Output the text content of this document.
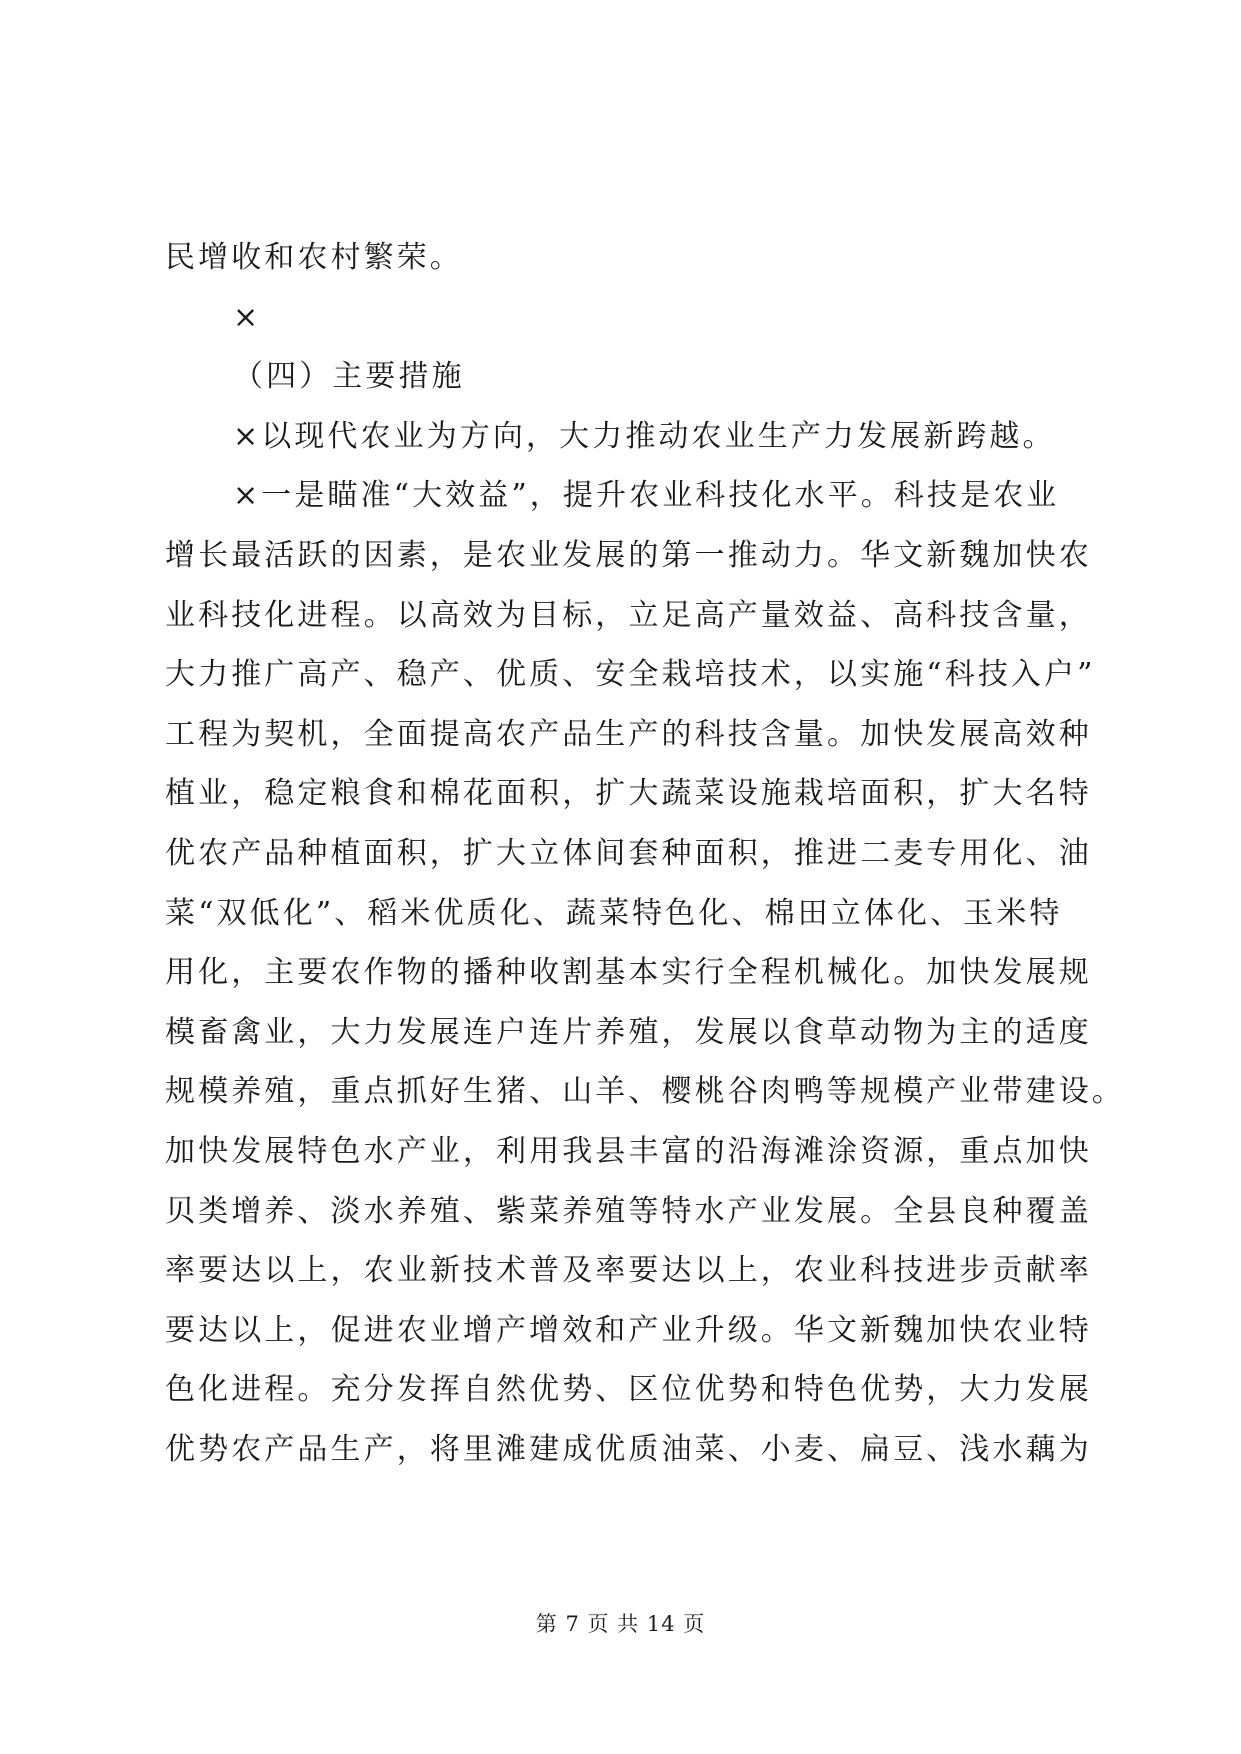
民增收和农村繁荣。
×
（四）主要措施
×以现代农业为方向，大力推动农业生产力发展新跨越。
×一是瞄准“大效益”，提升农业科技化水平。科技是农业
增长最活跃的因素，是农业发展的第一推动力。华文新魏加快农
业科技化进程。以高效为目标，立足高产量效益、高科技含量，
大力推广高产、稳产、优质、安全栽培技术，以实施“科技入户”
工程为契机，全面提高农产品生产的科技含量。加快发展高效种
植业，稳定粮食和棉花面积，扩大蔬菜设施栽培面积，扩大名特
优农产品种植面积，扩大立体间套种面积，推进二麦专用化、油
菜“双低化”、稻米优质化、蔬菜特色化、棉田立体化、玉米特
用化，主要农作物的播种收割基本实行全程机械化。加快发展规
模畜禽业，大力发展连户连片养殖，发展以食草动物为主的适度
规模养殖，重点抓好生猪、山羊、樱桃谷肉鸭等规模产业带建设。
加快发展特色水产业，利用我县丰富的沿海滩涂资源，重点加快
贝类增养、淡水养殖、紫菜养殖等特水产业发展。全县良种覆盖
率要达以上，农业新技术普及率要达以上，农业科技进步贡献率
要达以上，促进农业增产增效和产业升级。华文新魏加快农业特
色化进程。充分发挥自然优势、区位优势和特色优势，大力发展
优势农产品生产，将里滩建成优质油菜、小麦、扁豆、浅水藕为
第 7 页 共 14 页
